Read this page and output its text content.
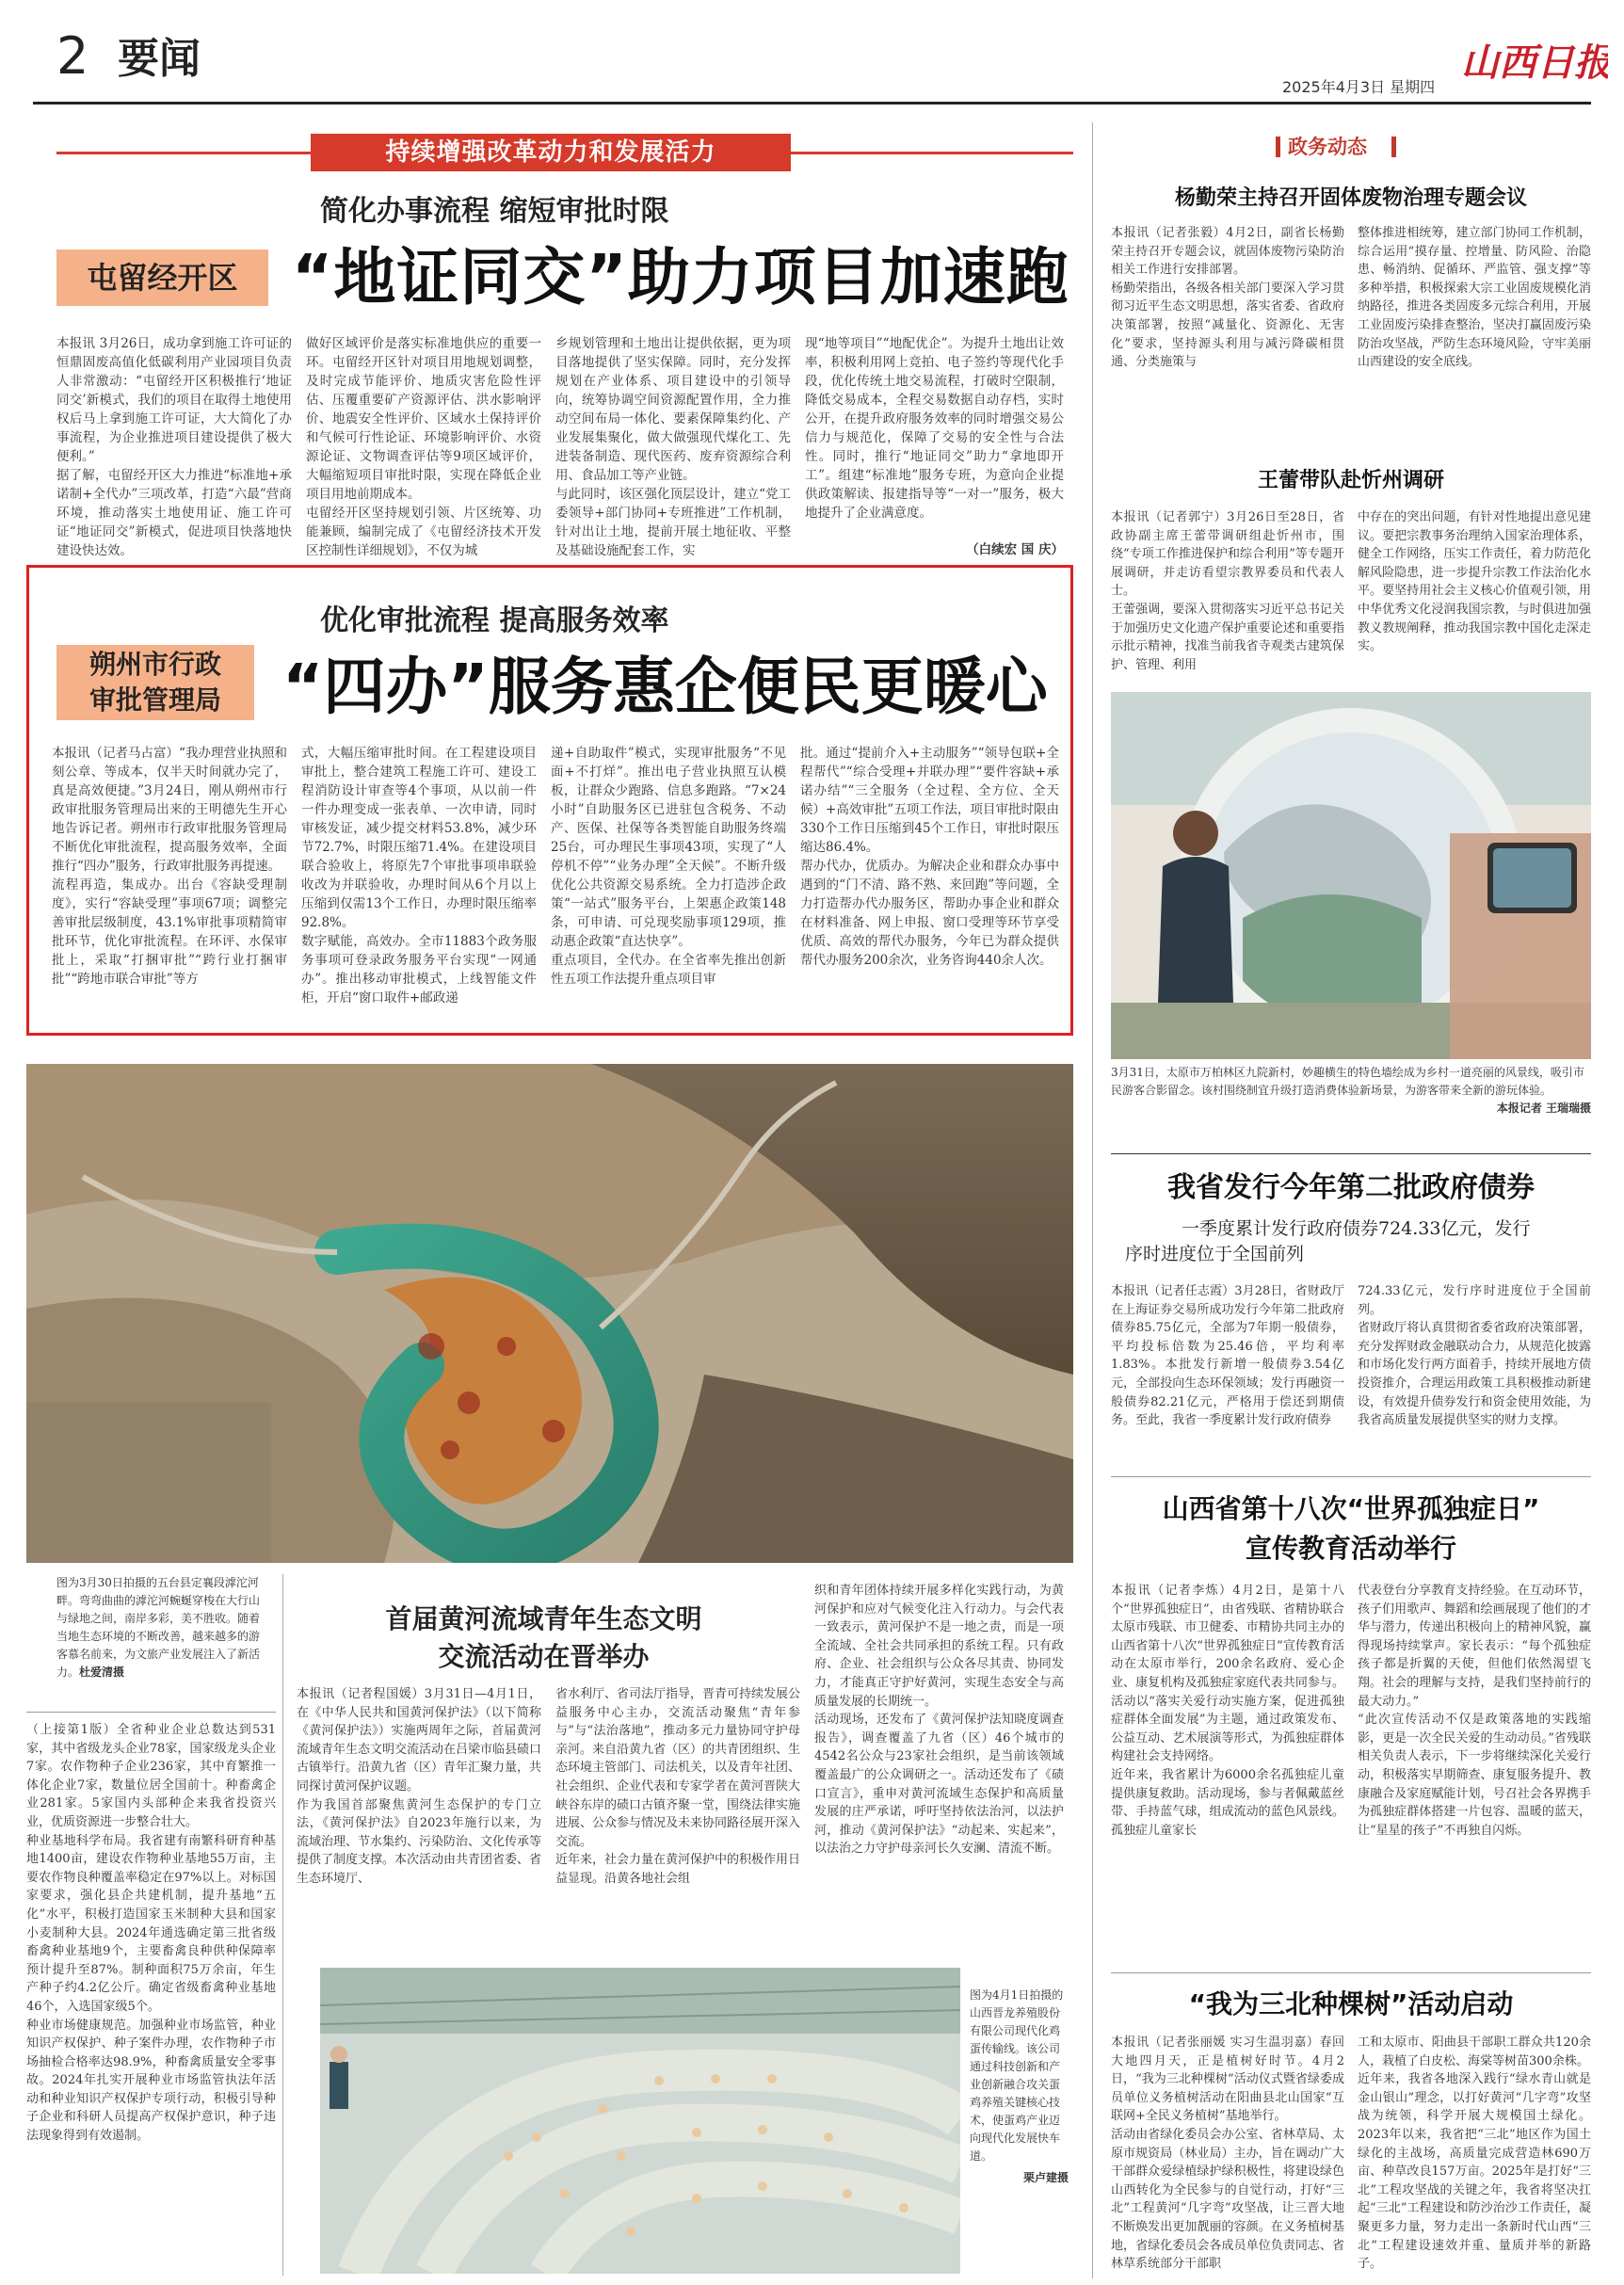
2 要闻
2025年4月3日 星期四
山西日报
持续增强改革动力和发展活力
简化办事流程 缩短审批时限
屯留经开区 “地证同交”助力项目加速跑
本报讯 3月26日，成功拿到施工许可证的恒鼎固废高值化低碳利用产业园项目负责人非常激动：“屯留经开区积极推行‘地证同交’新模式，我们的项目在取得土地使用权后马上拿到施工许可证，大大简化了办事流程，为企业推进项目建设提供了极大便利。”
据了解，屯留经开区大力推进“标准地+承诺制+全代办”三项改革，打造“六最”营商环境，推动落实土地使用证、施工许可证“地证同交”新模式，促进项目快落地快建设快达效。
做好区域评价是落实标准地供应的重要一环。屯留经开区针对项目用地规划调整，及时完成节能评价、地质灾害危险性评估、压覆重要矿产资源评估、洪水影响评价、地震安全性评价、区域水土保持评价和气候可行性论证、环境影响评价、水资源论证、文物调查评估等9项区域评价，大幅缩短项目审批时限，实现在降低企业项目用地前期成本。
屯留经开区坚持规划引领、片区统筹、功能兼顾，编制完成了《屯留经济技术开发区控制性详细规划》，不仅为城
乡规划管理和土地出让提供依据，更为项目落地提供了坚实保障。同时，充分发挥规划在产业体系、项目建设中的引领导向，统筹协调空间资源配置作用，全力推动空间布局一体化、要素保障集约化、产业发展集聚化，做大做强现代煤化工、先进装备制造、现代医药、废弃资源综合利用、食品加工等产业链。
与此同时，该区强化顶层设计，建立“党工委领导+部门协同+专班推进”工作机制，针对出让土地，提前开展土地征收、平整及基础设施配套工作，实
现“地等项目”“地配优企”。为提升土地出让效率，积极利用网上竞拍、电子签约等现代化手段，优化传统土地交易流程，打破时空限制，降低交易成本，全程交易数据自动存档，实时公开，在提升政府服务效率的同时增强交易公信力与规范化，保障了交易的安全性与合法性。同时，推行“地证同交”助力“拿地即开工”。组建“标准地”服务专班，为意向企业提供政策解读、报建指导等“一对一”服务，极大地提升了企业满意度。
（白续宏 国 庆）
优化审批流程 提高服务效率
朔州市行政
审批管理局 “四办”服务惠企便民更暖心
本报讯（记者马占富）“我办理营业执照和刻公章、等成本，仅半天时间就办完了，真是高效便捷。”3月24日，刚从朔州市行政审批服务管理局出来的王明德先生开心地告诉记者。朔州市行政审批服务管理局不断优化审批流程，提高服务效率，全面推行“四办”服务，行政审批服务再提速。
流程再造，集成办。出台《容缺受理制度》，实行“容缺受理”事项67项；调整完善审批层级制度，43.1%审批事项精简审批环节，优化审批流程。在环评、水保审批上，采取“打捆审批”“跨行业打捆审批”“跨地市联合审批”等方
式，大幅压缩审批时间。在工程建设项目审批上，整合建筑工程施工许可、建设工程消防设计审查等4个事项，从以前一件一件办理变成一张表单、一次申请，同时审核发证，减少提交材料53.8%，减少环节72.7%，时限压缩71.4%。在建设项目联合验收上，将原先7个审批事项串联验收改为并联验收，办理时间从6个月以上压缩到仅需13个工作日，办理时限压缩率92.8%。
数字赋能，高效办。全市11883个政务服务事项可登录政务服务平台实现“一网通办”。推出移动审批模式，上线智能文件柜，开启“窗口取件+邮政递
递+自助取件”模式，实现审批服务“不见面+不打烊”。推出电子营业执照互认模板，让群众少跑路、信息多跑路。“7×24小时”自助服务区已进驻包含税务、不动产、医保、社保等各类智能自助服务终端25台，可办理民生事项43项，实现了“人停机不停”“业务办理”全天候”。不断升级优化公共资源交易系统。全力打造涉企政策“一站式”服务平台，上架惠企政策148条，可申请、可兑现奖励事项129项，推动惠企政策“直达快享”。
重点项目，全代办。在全省率先推出创新性五项工作法提升重点项目审
批。通过“提前介入+主动服务”“领导包联+全程帮代”“综合受理+并联办理”“要件容缺+承诺办结”“三全服务（全过程、全方位、全天候）+高效审批”五项工作法，项目审批时限由330个工作日压缩到45个工作日，审批时限压缩达86.4%。
帮办代办，优质办。为解决企业和群众办事中遇到的“门不清、路不熟、来回跑”等问题，全力打造帮办代办服务区，帮助办事企业和群众在材料准备、网上申报、窗口受理等环节享受优质、高效的帮代办服务，今年已为群众提供帮代办服务200余次，业务咨询440余人次。
图为3月30日拍摄的五台县定襄段滹沱河畔。弯弯曲曲的滹沱河蜿蜒穿梭在大行山与绿地之间，南岸多彩，美不胜收。随着当地生态环境的不断改善，越来越多的游客慕名前来，为文旅产业发展注入了新活力。杜爱清摄
（上接第1版）全省种业企业总数达到531家，其中省级龙头企业78家，国家级龙头企业7家。农作物种子企业236家，其中育繁推一体化企业7家，数量位居全国前十。种畜禽企业281家。5家国内头部种企来我省投资兴业，优质资源进一步整合壮大。
种业基地科学布局。我省建有南繁科研育种基地1400亩，建设农作物种业基地55万亩，主要农作物良种覆盖率稳定在97%以上。对标国家要求，强化县企共建机制，提升基地“五化”水平，积极打造国家玉米制种大县和国家小麦制种大县。2024年通选确定第三批省级畜禽种业基地9个，主要畜禽良种供种保障率预计提升至87%。制种面积75万余亩，年生产种子约4.2亿公斤。确定省级畜禽种业基地46个，入选国家级5个。
种业市场健康规范。加强种业市场监管，种业知识产权保护、种子案件办理，农作物种子市场抽检合格率达98.9%，种畜禽质量安全零事故。2024年扎实开展种业市场监管执法年活动和种业知识产权保护专项行动，积极引导种子企业和科研人员提高产权保护意识，种子违法现象得到有效遏制。
首届黄河流域青年生态文明
交流活动在晋举办
本报讯（记者程国媛）3月31日—4月1日，在《中华人民共和国黄河保护法》（以下简称《黄河保护法》）实施两周年之际，首届黄河流域青年生态文明交流活动在吕梁市临县碛口古镇举行。沿黄九省（区）青年汇聚力量，共同探讨黄河保护议题。
作为我国首部聚焦黄河生态保护的专门立法，《黄河保护法》自2023年施行以来，为流域治理、节水集约、污染防治、文化传承等提供了制度支撑。本次活动由共青团省委、省生态环境厅、
省水利厅、省司法厅指导，晋青可持续发展公益服务中心主办，交流活动聚焦“青年参与”与“法治落地”，推动多元力量协同守护母亲河。来自沿黄九省（区）的共青团组织、生态环境主管部门、司法机关，以及青年社团、社会组织、企业代表和专家学者在黄河晋陕大峡谷东岸的碛口古镇齐聚一堂，围绕法律实施进展、公众参与情况及未来协同路径展开深入交流。
近年来，社会力量在黄河保护中的积极作用日益显现。沿黄各地社会组
织和青年团体持续开展多样化实践行动，为黄河保护和应对气候变化注入行动力。与会代表一致表示，黄河保护不是一地之责，而是一项全流域、全社会共同承担的系统工程。只有政府、企业、社会组织与公众各尽其责、协同发力，才能真正守护好黄河，实现生态安全与高质量发展的长期统一。
活动现场，还发布了《黄河保护法知晓度调查报告》，调查覆盖了九省（区）46个城市的4542名公众与23家社会组织，是当前该领域覆盖最广的公众调研之一。活动还发布了《碛口宣言》，重申对黄河流域生态保护和高质量发展的庄严承诺，呼吁坚持依法治河，以法护河，推动《黄河保护法》“动起来、实起来”，以法治之力守护母亲河长久安澜、清流不断。
图为4月1日拍摄的山西晋龙养殖股份有限公司现代化鸡蛋传输线。该公司通过科技创新和产业创新融合攻关蛋鸡养殖关键核心技术，使蛋鸡产业迈向现代化发展快车道。
栗卢建摄
政务动态
杨勤荣主持召开固体废物治理专题会议
本报讯（记者张毅）4月2日，副省长杨勤荣主持召开专题会议，就固体废物污染防治相关工作进行安排部署。
杨勤荣指出，各级各相关部门要深入学习贯彻习近平生态文明思想，落实省委、省政府决策部署，按照“减量化、资源化、无害化”要求，坚持源头利用与减污降碳相贯通、分类施策与
整体推进相统筹，建立部门协同工作机制，综合运用“摸存量、控增量、防风险、治隐患、畅消纳、促循环、严监管、强支撑”等多种举措，积极探索大宗工业固废规模化消纳路径，推进各类固废多元综合利用，开展工业固废污染排查整治，坚决打赢固废污染防治攻坚战，严防生态环境风险，守牢美丽山西建设的安全底线。
王蕾带队赴忻州调研
本报讯（记者郭宁）3月26日至28日，省政协副主席王蕾带调研组赴忻州市，围绕“专项工作推进保护和综合利用”等专题开展调研，并走访看望宗教界委员和代表人士。
王蕾强调，要深入贯彻落实习近平总书记关于加强历史文化遗产保护重要论述和重要指示批示精神，找准当前我省寺观类古建筑保护、管理、利用
中存在的突出问题，有针对性地提出意见建议。要把宗教事务治理纳入国家治理体系，健全工作网络，压实工作责任，着力防范化解风险隐患，进一步提升宗教工作法治化水平。要坚持用社会主义核心价值观引领，用中华优秀文化浸润我国宗教，与时俱进加强教义教规阐释，推动我国宗教中国化走深走实。
3月31日，太原市万柏林区九院新村，妙趣横生的特色墙绘成为乡村一道亮丽的风景线，吸引市民游客合影留念。该村围绕制宜升级打造消费体验新场景，为游客带来全新的游玩体验。
本报记者 王瑞瑞摄
我省发行今年第二批政府债券
一季度累计发行政府债券724.33亿元，发行
序时进度位于全国前列
本报讯（记者任志霞）3月28日，省财政厅在上海证券交易所成功发行今年第二批政府债券85.75亿元，全部为7年期一般债券，平均投标倍数为25.46倍，平均利率1.83%。本批发行新增一般债券3.54亿元，全部投向生态环保领域；发行再融资一般债券82.21亿元，严格用于偿还到期债务。至此，我省一季度累计发行政府债券
724.33亿元，发行序时进度位于全国前列。
省财政厅将认真贯彻省委省政府决策部署，充分发挥财政金融联动合力，从规范化披露和市场化发行两方面着手，持续开展地方债投资推介，合理运用政策工具积极推动新建设，有效提升债券发行和资金使用效能，为我省高质量发展提供坚实的财力支撑。
山西省第十八次“世界孤独症日”
宣传教育活动举行
本报讯（记者李炼）4月2日，是第十八个“世界孤独症日”，由省残联、省精协联合太原市残联、市卫健委、市精协共同主办的山西省第十八次“世界孤独症日”宣传教育活动在太原市举行，200余名政府、爱心企业、康复机构及孤独症家庭代表共同参与。活动以“落实关爱行动实施方案，促进孤独症群体全面发展”为主题，通过政策发布、公益互动、艺术展演等形式，为孤独症群体构建社会支持网络。
近年来，我省累计为6000余名孤独症儿童提供康复救助。活动现场，参与者佩戴蓝丝带、手持蓝气球，组成流动的蓝色风景线。孤独症儿童家长
代表登台分享教育支持经验。在互动环节，孩子们用歌声、舞蹈和绘画展现了他们的才华与潜力，传递出积极向上的精神风貌，赢得现场持续掌声。家长表示：“每个孤独症孩子都是折翼的天使，但他们依然渴望飞翔。社会的理解与支持，是我们坚持前行的最大动力。”
“此次宣传活动不仅是政策落地的实践缩影，更是一次全民关爱的生动动员。”省残联相关负责人表示，下一步将继续深化关爱行动，积极落实早期筛查、康复服务提升、教康融合及家庭赋能计划，号召社会各界携手为孤独症群体搭建一片包容、温暖的蓝天，让“星星的孩子”不再独自闪烁。
“我为三北种棵树”活动启动
本报讯（记者张丽媛 实习生温羽嘉）春回大地四月天，正是植树好时节。4月2日，“我为三北种棵树”活动仪式暨省绿委成员单位义务植树活动在阳曲县北山国家“互联网+全民义务植树”基地举行。
活动由省绿化委员会办公室、省林草局、太原市规资局（林业局）主办，旨在调动广大干部群众爱绿植绿护绿积极性，将建设绿色山西转化为全民参与的自觉行动，打好“三北”工程黄河“几字弯”攻坚战，让三晋大地不断焕发出更加靓丽的容颜。在义务植树基地，省绿化委员会各成员单位负责同志、省林草系统部分干部职
工和太原市、阳曲县干部职工群众共120余人，栽植了白皮松、海棠等树苗300余株。
近年来，我省各地深入践行“绿水青山就是金山银山”理念，以打好黄河“几字弯”攻坚战为统领，科学开展大规模国土绿化。2023年以来，我省把“三北”地区作为国土绿化的主战场，高质量完成营造林690万亩、种草改良157万亩。2025年是打好“三北”工程攻坚战的关键之年，我省将坚决扛起“三北”工程建设和防沙治沙工作责任，凝聚更多力量，努力走出一条新时代山西“三北”工程建设速效并重、量质并举的新路子。
